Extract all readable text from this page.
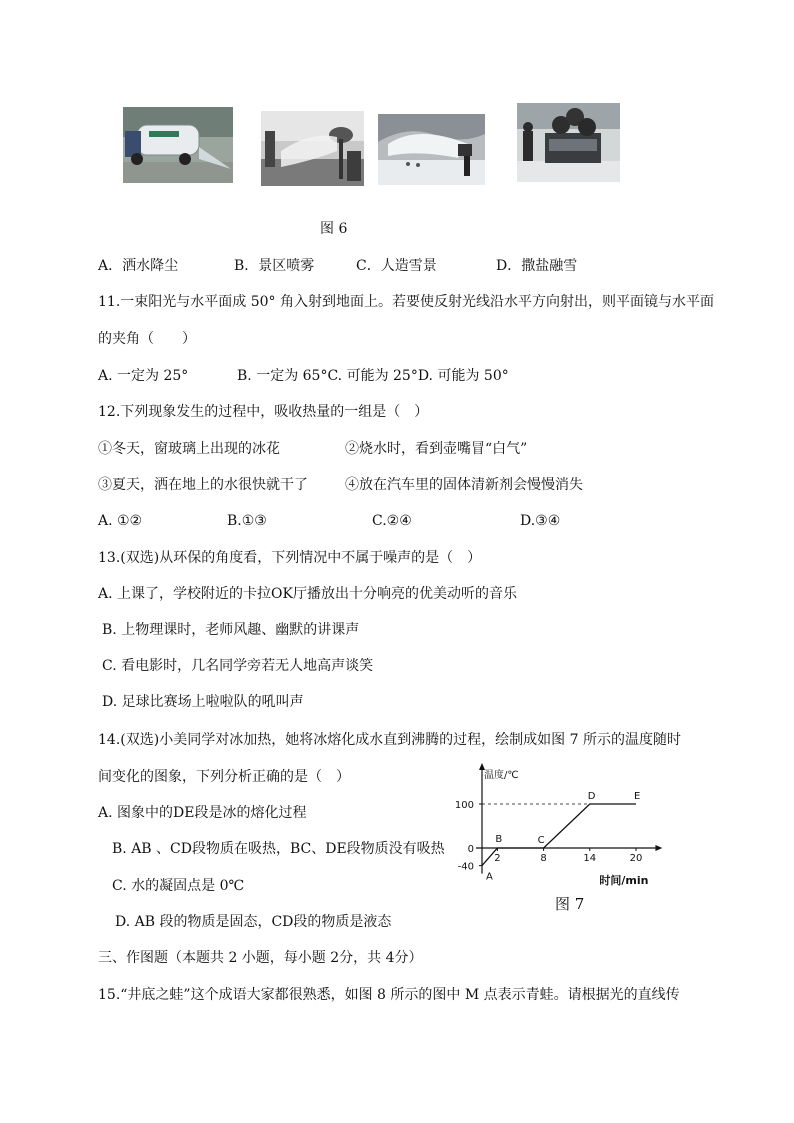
图 6
A．洒水降尘	B．景区喷雾	C．人造雪景	D．撒盐融雪
11.一束阳光与水平面成 50° 角入射到地面上。若要使反射光线沿水平方向射出，则平面镜与水平面
的夹角（　　）
A. 一定为 25°	B. 一定为 65°C. 可能为 25°D. 可能为 50°
12.下列现象发生的过程中，吸收热量的一组是（　）
①冬天，窗玻璃上出现的冰花	②烧水时，看到壶嘴冒“白气”
③夏天，洒在地上的水很快就干了	④放在汽车里的固体清新剂会慢慢消失
A. ①②	B.①③	C.②④	D.③④
13.(双选)从环保的角度看，下列情况中不属于噪声的是（　）
A. 上课了，学校附近的卡拉OK厅播放出十分响亮的优美动听的音乐
B. 上物理课时，老师风趣、幽默的讲课声
C. 看电影时，几名同学旁若无人地高声谈笑
D. 足球比赛场上啦啦队的吼叫声
14.(双选)小美同学对冰加热，她将冰熔化成水直到沸腾的过程，绘制成如图 7 所示的温度随时
间变化的图象，下列分析正确的是（　）
A. 图象中的DE段是冰的熔化过程
B. AB 、CD段物质在吸热，BC、DE段物质没有吸热
C. 水的凝固点是 0℃
D. AB 段的物质是固态，CD段的物质是液态
温度/℃
时间/min
100
0
-40
2	8	14	20
A
B	C
D	E
图 7
三、作图题（本题共 2 小题，每小题 2分，共 4分）
15.“井底之蛙”这个成语大家都很熟悉，如图 8 所示的图中 M 点表示青蛙。请根据光的直线传
